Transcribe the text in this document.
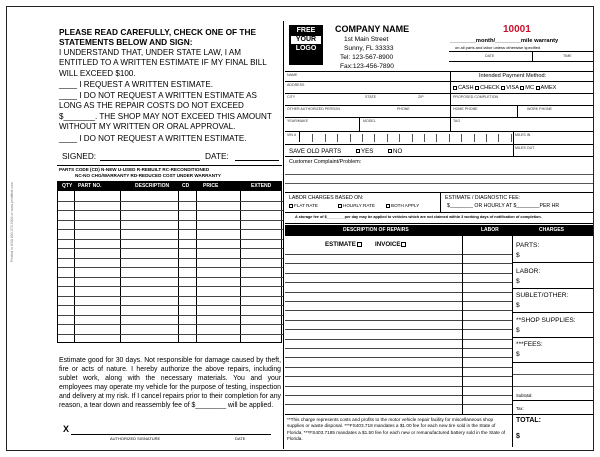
Printed in USA 800-373-0304 or www.printfleet.com
PLEASE READ CAREFULLY, CHECK ONE OF THE STATEMENTS BELOW AND SIGN:
I UNDERSTAND THAT, UNDER STATE LAW, I AM ENTITLED TO A WRITTEN ESTIMATE IF MY FINAL BILL WILL EXCEED $100.
____ I REQUEST A WRITTEN ESTIMATE.
____ I DO NOT REQUEST A WRITTEN ESTIMATE AS LONG AS THE REPAIR COSTS DO NOT EXCEED $_______. THE SHOP MAY NOT EXCEED THIS AMOUNT WITHOUT MY WRITTEN OR ORAL APPROVAL.
____ I DO NOT REQUEST A WRITTEN ESTIMATE.
SIGNED:	DATE:
PARTS CODE (CD) N-NEW U-USED R-REBUILT RC-RECONDITIONED
NC-NO CHG/WARRANTY RD-REDUCED COST UNDER WARRANTY
QTY PART NO.	DESCRIPTION	CD	PRICE	EXTEND
Estimate good for 30 days. Not responsible for damage caused by theft, fire or acts of nature. I hereby authorize the above repairs, including sublet work, along with the necessary materials. You and your employees may operate my vehicle for the purpose of testing, inspection and delivery at my risk. If I cancel repairs prior to their completion for any reason, a tear down and reassembly fee of $________ will be applied.
X
AUTHORIZED SIGNATURE	DATE
FREE
YOUR
LOGO
COMPANY NAME
1st Main Street
Sunny, FL 33333
Tel: 123-567-8900
Fax:123-456-7890
10001
________month/________mile warranty
on all parts and labor unless otherwise specified
DATE	TIME
NAME	Intended Payment Method:
ADDRESS	CASH CHECK VISA MC AMEX
CITY	STATE	ZIP	PROPOSED COMPLETION
OTHER AUTHORIZED PERSON	PHONE	HOME PHONE	WORK PHONE
YEAR/MAKE	MODEL	TAG
VIN #	MILES IN
MILES OUT
SAVE OLD PARTS	YES	NO
Customer Complaint/Problem:
LABOR CHARGES BASED ON:
FLAT RATE	HOURLY RATE	BOTH APPLY
ESTIMATE / DIAGNOSTIC FEE:
$________ OR HOURLY AT $________PER HR
A storage fee of $________ per day may be applied to vehicles which are not claimed within 3 working days of notification of completion.
DESCRIPTION OF REPAIRS	LABOR	CHARGES
ESTIMATE	INVOICE	PARTS:
$
LABOR:
$
SUBLET/OTHER:
$
**SHOP SUPPLIES:
$
***FEES:
$
Subtotal:
Tax:
TOTAL:
$
**This charge represents costs and profits to the motor vehicle repair facility for miscellaneous shop supplies or waste disposal. ***FS403.718 mandates a $1.00 fee for each new tire sold in the State of Florida. ***FS403.7185 mandates a $1.50 fee for each new or remanufactured battery sold in the State of Florida.
